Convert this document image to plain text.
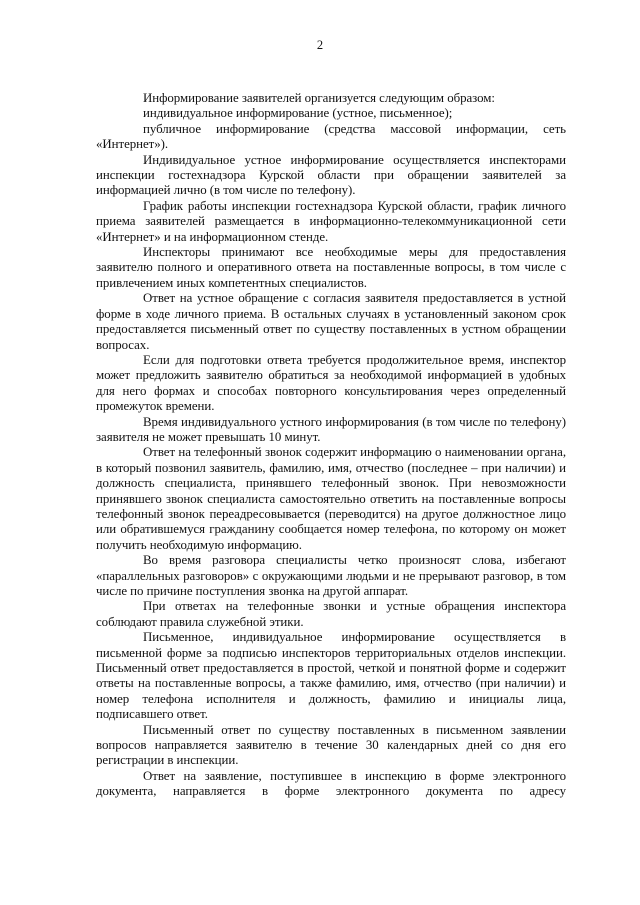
2

Информирование заявителей организуется следующим образом:

индивидуальное информирование (устное, письменное);

публичное информирование (средства массовой информации, сеть «Интернет»).

Индивидуальное устное информирование осуществляется инспекторами инспекции гостехнадзора Курской области при обращении заявителей за информацией лично (в том числе по телефону).

График работы инспекции гостехнадзора Курской области, график личного приема заявителей размещается в информационно-телекоммуникационной сети «Интернет» и на информационном стенде.

Инспекторы принимают все необходимые меры для предоставления заявителю полного и оперативного ответа на поставленные вопросы, в том числе с привлечением иных компетентных специалистов.

Ответ на устное обращение с согласия заявителя предоставляется в устной форме в ходе личного приема. В остальных случаях в установленный законом срок предоставляется письменный ответ по существу поставленных в устном обращении вопросах.

Если для подготовки ответа требуется продолжительное время, инспектор может предложить заявителю обратиться за необходимой информацией в удобных для него формах и способах повторного консультирования через определенный промежуток времени.

Время индивидуального устного информирования (в том числе по телефону) заявителя не может превышать 10 минут.

Ответ на телефонный звонок содержит информацию о наименовании органа, в который позвонил заявитель, фамилию, имя, отчество (последнее – при наличии) и должность специалиста, принявшего телефонный звонок. При невозможности принявшего звонок специалиста самостоятельно ответить на поставленные вопросы телефонный звонок переадресовывается (переводится) на другое должностное лицо или обратившемуся гражданину сообщается номер телефона, по которому он может получить необходимую информацию.

Во время разговора специалисты четко произносят слова, избегают «параллельных разговоров» с окружающими людьми и не прерывают разговор, в том числе по причине поступления звонка на другой аппарат.

При ответах на телефонные звонки и устные обращения инспектора соблюдают правила служебной этики.

Письменное, индивидуальное информирование осуществляется в письменной форме за подписью инспекторов территориальных отделов инспекции. Письменный ответ предоставляется в простой, четкой и понятной форме и содержит ответы на поставленные вопросы, а также фамилию, имя, отчество (при наличии) и номер телефона исполнителя и должность, фамилию и инициалы лица, подписавшего ответ.

Письменный ответ по существу поставленных в письменном заявлении вопросов направляется заявителю в течение 30 календарных дней со дня его регистрации в инспекции.

Ответ на заявление, поступившее в инспекцию в форме электронного документа, направляется в форме электронного документа по адресу
